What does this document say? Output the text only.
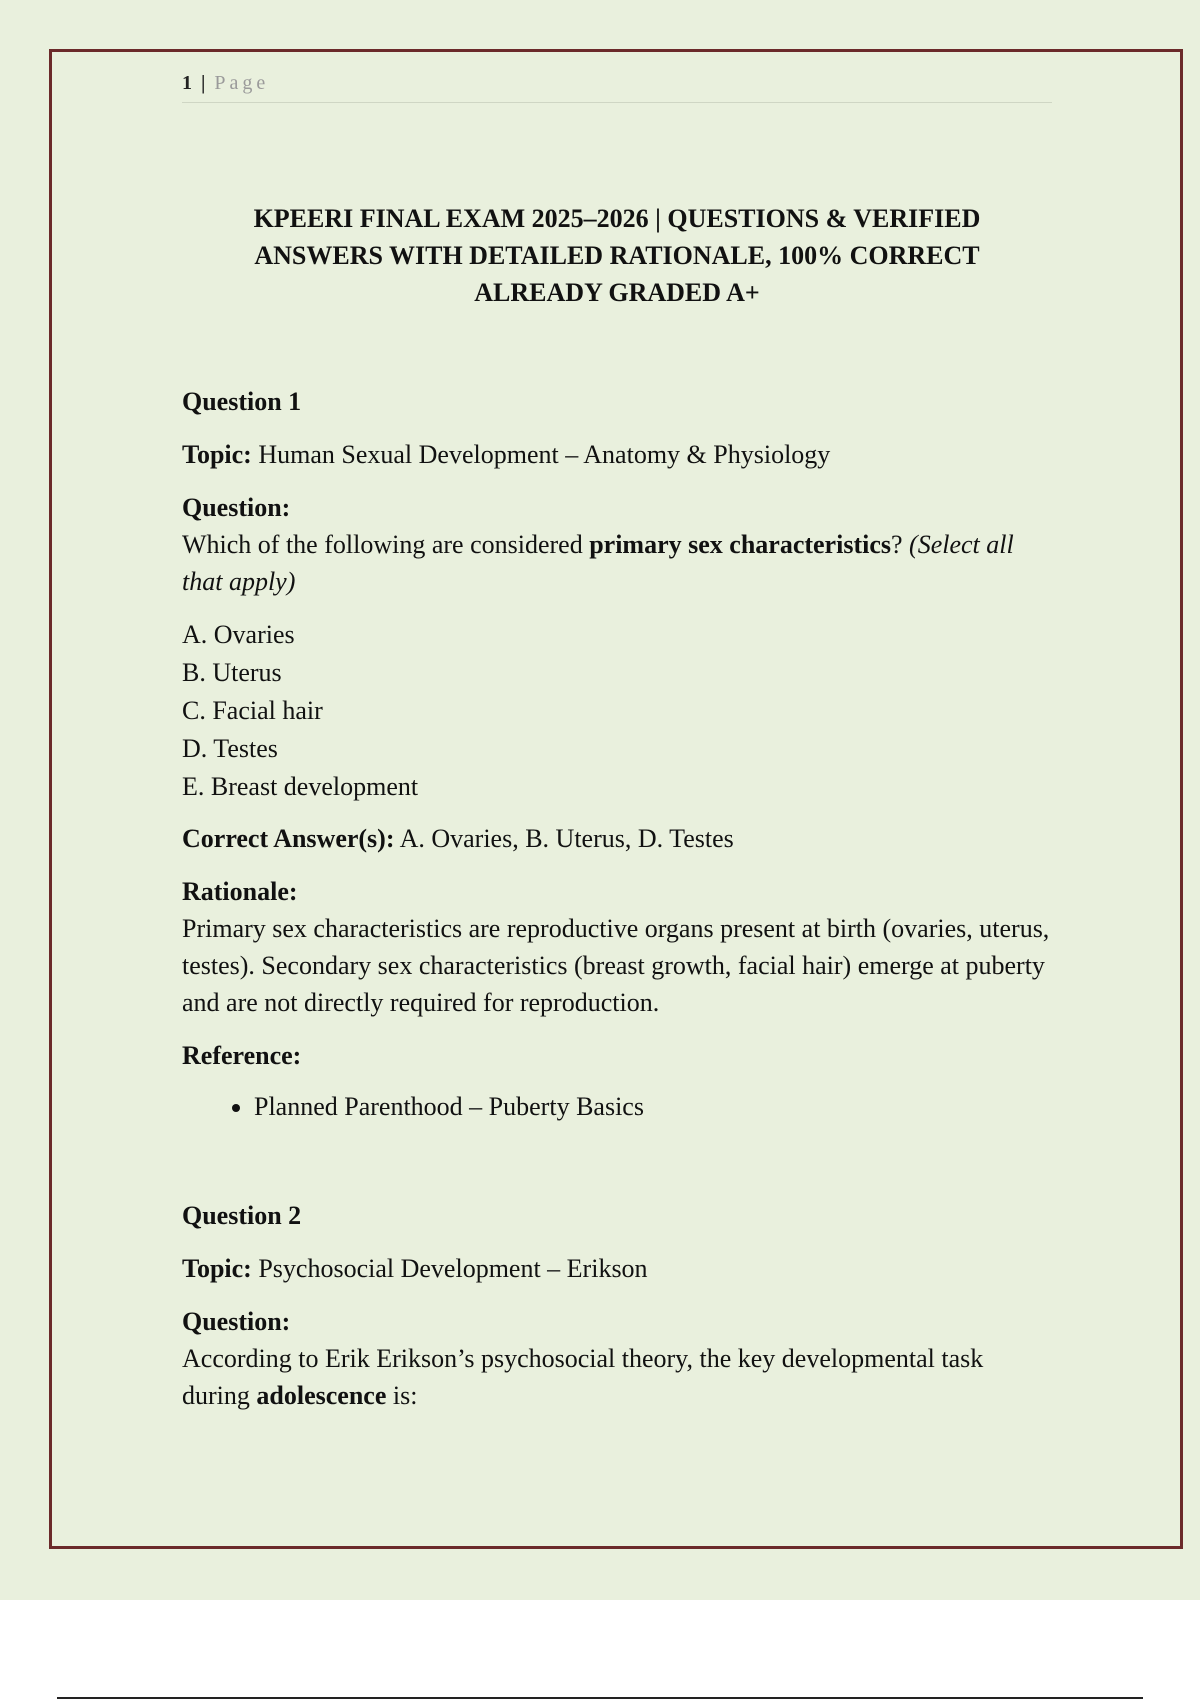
1 | Page
KPEERI FINAL EXAM 2025–2026 | QUESTIONS & VERIFIED ANSWERS WITH DETAILED RATIONALE, 100% CORRECT ALREADY GRADED A+

Question 1

Topic: Human Sexual Development – Anatomy & Physiology

Question:

Which of the following are considered primary sex characteristics? (Select all that apply)

A. Ovaries
B. Uterus
C. Facial hair
D. Testes
E. Breast development

Correct Answer(s): A. Ovaries, B. Uterus, D. Testes

Rationale:

Primary sex characteristics are reproductive organs present at birth (ovaries, uterus, testes). Secondary sex characteristics (breast growth, facial hair) emerge at puberty and are not directly required for reproduction.

Reference:

• Planned Parenthood – Puberty Basics

Question 2

Topic: Psychosocial Development – Erikson

Question:

According to Erik Erikson’s psychosocial theory, the key developmental task during adolescence is:
